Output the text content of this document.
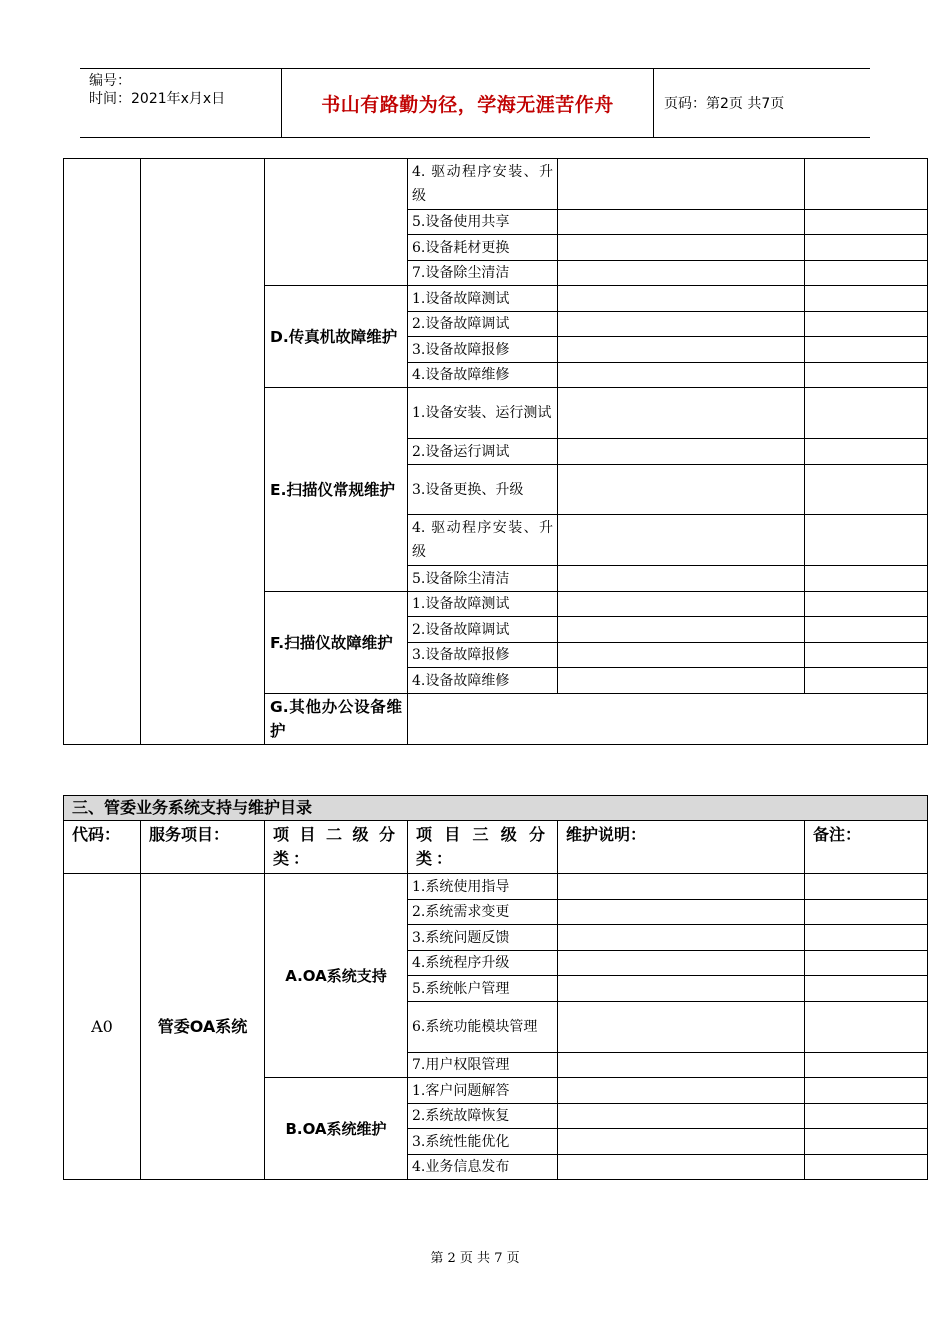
编号：
时间：2021年x月x日	书山有路勤为径，学海无涯苦作舟	页码：第2页 共7页
			4. 驱动程序安装、升级		
			5.设备使用共享		
			6.设备耗材更换		
			7.设备除尘清洁		
		D.传真机故障维护	1.设备故障测试		
			2.设备故障调试		
			3.设备故障报修		
			4.设备故障维修		
		E.扫描仪常规维护	1.设备安装、运行测试		
			2.设备运行调试		
			3.设备更换、升级		
			4. 驱动程序安装、升级		
			5.设备除尘清洁		
		F.扫描仪故障维护	1.设备故障测试		
			2.设备故障调试		
			3.设备故障报修		
			4.设备故障维修		
		G.其他办公设备维护			
三、管委业务系统支持与维护目录					
代码：	服务项目：	项目二级分类：	项目三级分类：	维护说明：	备注：
A0	管委OA系统	A.OA系统支持	1.系统使用指导		
			2.系统需求变更		
			3.系统问题反馈		
			4.系统程序升级		
			5.系统帐户管理		
			6.系统功能模块管理		
			7.用户权限管理		
		B.OA系统维护	1.客户问题解答		
			2.系统故障恢复		
			3.系统性能优化		
			4.业务信息发布		
第 2 页 共 7 页
